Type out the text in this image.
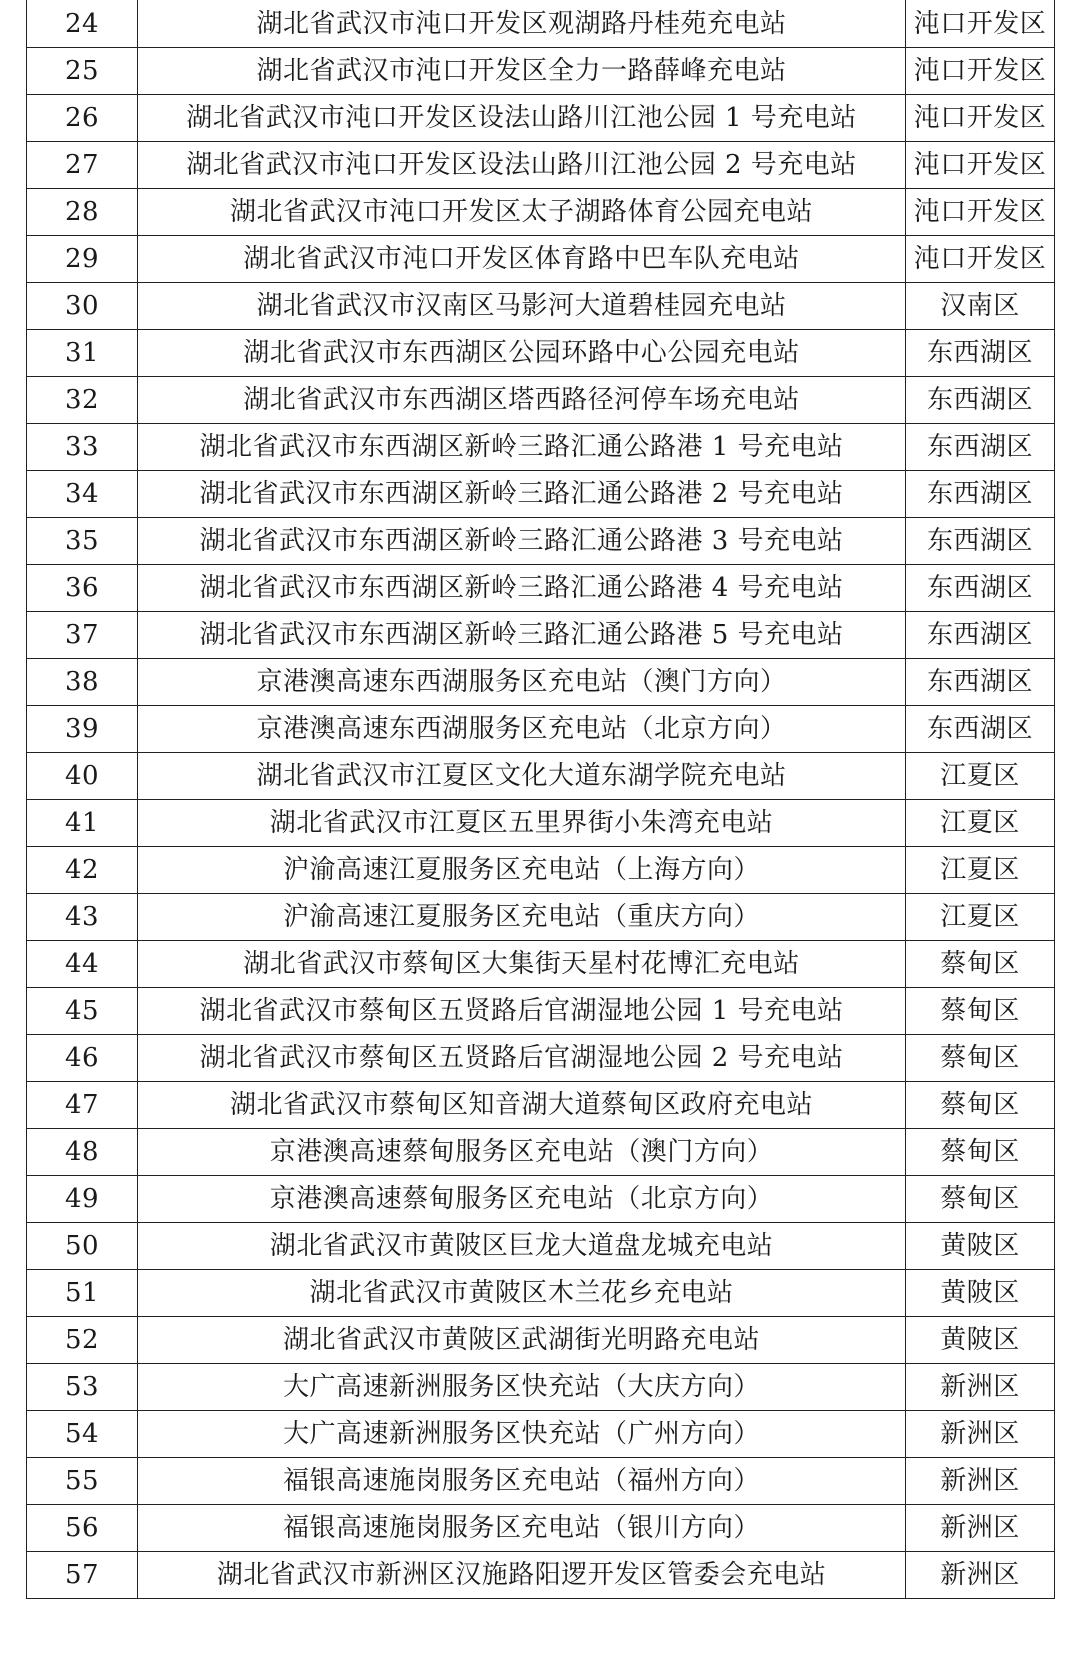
24	湖北省武汉市沌口开发区观湖路丹桂苑充电站	沌口开发区
25	湖北省武汉市沌口开发区全力一路薛峰充电站	沌口开发区
26	湖北省武汉市沌口开发区设法山路川江池公园 1 号充电站	沌口开发区
27	湖北省武汉市沌口开发区设法山路川江池公园 2 号充电站	沌口开发区
28	湖北省武汉市沌口开发区太子湖路体育公园充电站	沌口开发区
29	湖北省武汉市沌口开发区体育路中巴车队充电站	沌口开发区
30	湖北省武汉市汉南区马影河大道碧桂园充电站	汉南区
31	湖北省武汉市东西湖区公园环路中心公园充电站	东西湖区
32	湖北省武汉市东西湖区塔西路径河停车场充电站	东西湖区
33	湖北省武汉市东西湖区新岭三路汇通公路港 1 号充电站	东西湖区
34	湖北省武汉市东西湖区新岭三路汇通公路港 2 号充电站	东西湖区
35	湖北省武汉市东西湖区新岭三路汇通公路港 3 号充电站	东西湖区
36	湖北省武汉市东西湖区新岭三路汇通公路港 4 号充电站	东西湖区
37	湖北省武汉市东西湖区新岭三路汇通公路港 5 号充电站	东西湖区
38	京港澳高速东西湖服务区充电站（澳门方向）	东西湖区
39	京港澳高速东西湖服务区充电站（北京方向）	东西湖区
40	湖北省武汉市江夏区文化大道东湖学院充电站	江夏区
41	湖北省武汉市江夏区五里界街小朱湾充电站	江夏区
42	沪渝高速江夏服务区充电站（上海方向）	江夏区
43	沪渝高速江夏服务区充电站（重庆方向）	江夏区
44	湖北省武汉市蔡甸区大集街天星村花博汇充电站	蔡甸区
45	湖北省武汉市蔡甸区五贤路后官湖湿地公园 1 号充电站	蔡甸区
46	湖北省武汉市蔡甸区五贤路后官湖湿地公园 2 号充电站	蔡甸区
47	湖北省武汉市蔡甸区知音湖大道蔡甸区政府充电站	蔡甸区
48	京港澳高速蔡甸服务区充电站（澳门方向）	蔡甸区
49	京港澳高速蔡甸服务区充电站（北京方向）	蔡甸区
50	湖北省武汉市黄陂区巨龙大道盘龙城充电站	黄陂区
51	湖北省武汉市黄陂区木兰花乡充电站	黄陂区
52	湖北省武汉市黄陂区武湖街光明路充电站	黄陂区
53	大广高速新洲服务区快充站（大庆方向）	新洲区
54	大广高速新洲服务区快充站（广州方向）	新洲区
55	福银高速施岗服务区充电站（福州方向）	新洲区
56	福银高速施岗服务区充电站（银川方向）	新洲区
57	湖北省武汉市新洲区汉施路阳逻开发区管委会充电站	新洲区
